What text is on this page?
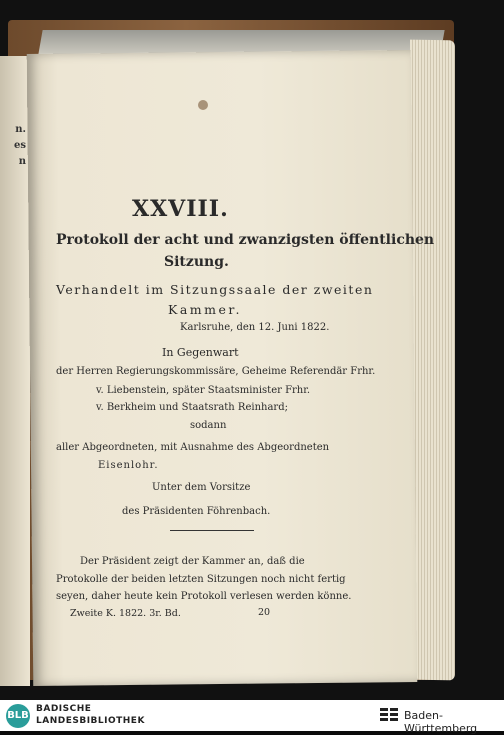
n.
es
n
XXVIII.
Protokoll der acht und zwanzigsten öffentlichen
Sitzung.
Verhandelt im Sitzungssaale der zweiten
Kammer.
Karlsruhe, den 12. Juni 1822.
In Gegenwart
der Herren Regierungskommissäre, Geheime Referendär Frhr.
v. Liebenstein, später Staatsminister Frhr.
v. Berkheim und Staatsrath Reinhard;
sodann
aller Abgeordneten, mit Ausnahme des Abgeordneten
Eisenlohr.
Unter dem Vorsitze
des Präsidenten Föhrenbach.
Der Präsident zeigt der Kammer an, daß die
Protokolle der beiden letzten Sitzungen noch nicht fertig
seyen, daher heute kein Protokoll verlesen werden könne.
Zweite K. 1822. 3r. Bd.	20
BLB
BADISCHE
LANDESBIBLIOTHEK	Baden-Württemberg
